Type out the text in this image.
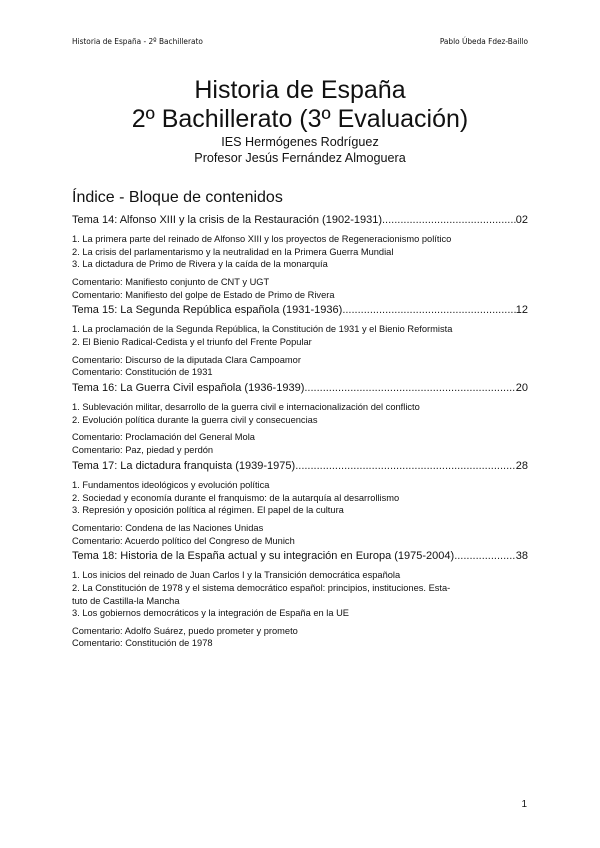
Historia de España - 2º Bachillerato	Pablo Úbeda Fdez-Baillo
Historia de España
2º Bachillerato (3º Evaluación)
IES Hermógenes Rodríguez
Profesor Jesús Fernández Almoguera
Índice - Bloque de contenidos
Tema 14: Alfonso XIII y la crisis de la Restauración (1902-1931) .....	02
1. La primera parte del reinado de Alfonso XIII y los proyectos de Regeneracionismo político
2. La crisis del parlamentarismo y la neutralidad en la Primera Guerra Mundial
3. La dictadura de Primo de Rivera y la caída de la monarquía
Comentario: Manifiesto conjunto de CNT y UGT
Comentario: Manifiesto del golpe de Estado de Primo de Rivera
Tema 15: La Segunda República española (1931-1936) .....	12
1. La proclamación de la Segunda República, la Constitución de 1931 y el Bienio Reformista
2. El Bienio Radical-Cedista y el triunfo del Frente Popular
Comentario: Discurso de la diputada Clara Campoamor
Comentario: Constitución de 1931
Tema 16: La Guerra Civil española (1936-1939) .....	20
1. Sublevación militar, desarrollo de la guerra civil e internacionalización del conflicto
2. Evolución política durante la guerra civil y consecuencias
Comentario: Proclamación del General Mola
Comentario: Paz, piedad y perdón
Tema 17: La dictadura franquista (1939-1975) .....	28
1. Fundamentos ideológicos y evolución política
2. Sociedad y economía durante el franquismo: de la autarquía al desarrollismo
3. Represión y oposición política al régimen. El papel de la cultura
Comentario: Condena de las Naciones Unidas
Comentario: Acuerdo político del Congreso de Munich
Tema 18: Historia de la España actual y su integración en Europa (1975-2004) .....	38
1. Los inicios del reinado de Juan Carlos I y la Transición democrática española
2. La Constitución de 1978 y el sistema democrático español: principios, instituciones. Esta-
tuto de Castilla-la Mancha
3. Los gobiernos democráticos y la integración de España en la UE
Comentario: Adolfo Suárez, puedo prometer y prometo
Comentario: Constitución de 1978
1
